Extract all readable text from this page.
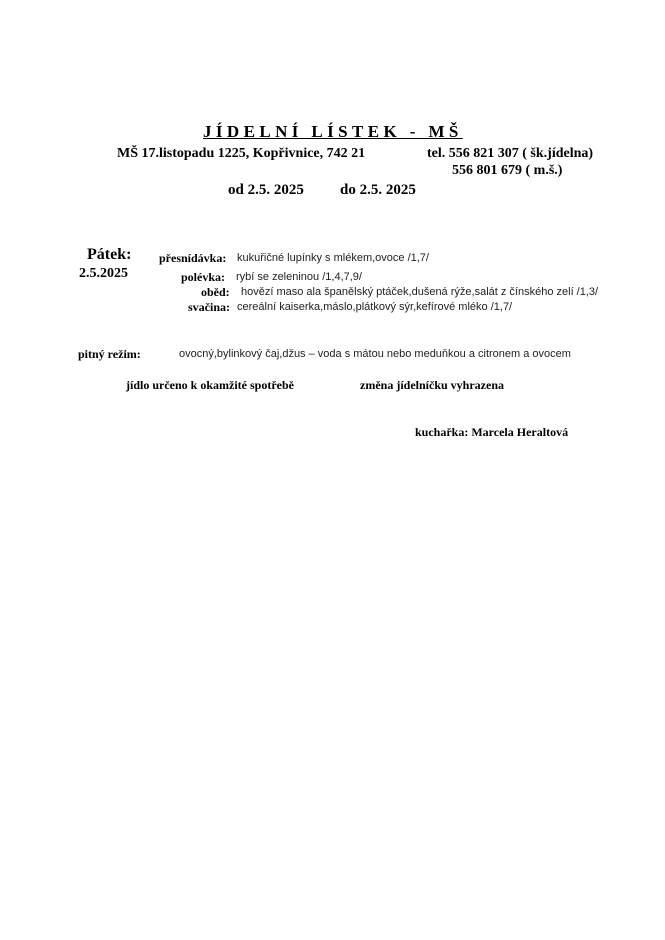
JÍDELNÍ LÍSTEK - MŠ
MŠ 17.listopadu 1225, Kopřivnice, 742 21	tel. 556 821 307 ( šk.jídelna)
556 801 679 ( m.š.)
od 2.5. 2025 do 2.5. 2025
Pátek:
2.5.2025
přesnídávka: kukuřičné lupínky s mlékem,ovoce /1,7/
polévka: rybí se zeleninou /1,4,7,9/
oběd: hovězí maso ala španělský ptáček,dušená rýže,salát z čínského zelí /1,3/
svačina: cereální kaiserka,máslo,plátkový sýr,kefírové mléko /1,7/
pitný režim:	ovocný,bylinkový čaj,džus – voda s mátou nebo meduňkou a citronem a ovocem
jídlo určeno k okamžité spotřebě	změna jídelníčku vyhrazena
kuchařka: Marcela Heraltová
